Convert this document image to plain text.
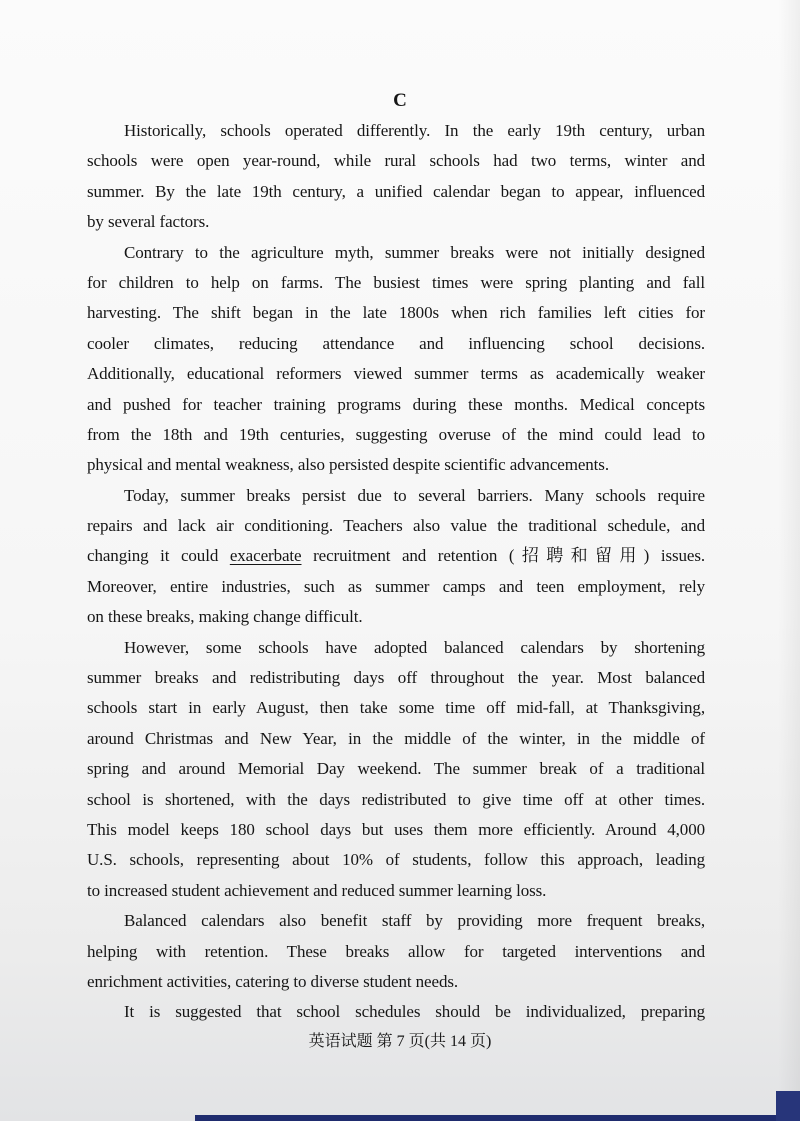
C
Historically, schools operated differently. In the early 19th century, urban
schools were open year-round, while rural schools had two terms, winter and
summer. By the late 19th century, a unified calendar began to appear, influenced
by several factors.
Contrary to the agriculture myth, summer breaks were not initially designed
for children to help on farms. The busiest times were spring planting and fall
harvesting. The shift began in the late 1800s when rich families left cities for
cooler climates, reducing attendance and influencing school decisions.
Additionally, educational reformers viewed summer terms as academically weaker
and pushed for teacher training programs during these months. Medical concepts
from the 18th and 19th centuries, suggesting overuse of the mind could lead to
physical and mental weakness, also persisted despite scientific advancements.
Today, summer breaks persist due to several barriers. Many schools require
repairs and lack air conditioning. Teachers also value the traditional schedule, and
changing it could exacerbate recruitment and retention (招聘和留用) issues.
Moreover, entire industries, such as summer camps and teen employment, rely
on these breaks, making change difficult.
However, some schools have adopted balanced calendars by shortening
summer breaks and redistributing days off throughout the year. Most balanced
schools start in early August, then take some time off mid-fall, at Thanksgiving,
around Christmas and New Year, in the middle of the winter, in the middle of
spring and around Memorial Day weekend. The summer break of a traditional
school is shortened, with the days redistributed to give time off at other times.
This model keeps 180 school days but uses them more efficiently. Around 4,000
U.S. schools, representing about 10% of students, follow this approach, leading
to increased student achievement and reduced summer learning loss.
Balanced calendars also benefit staff by providing more frequent breaks,
helping with retention. These breaks allow for targeted interventions and
enrichment activities, catering to diverse student needs.
It is suggested that school schedules should be individualized, preparing
英语试题 第 7 页(共 14 页)
